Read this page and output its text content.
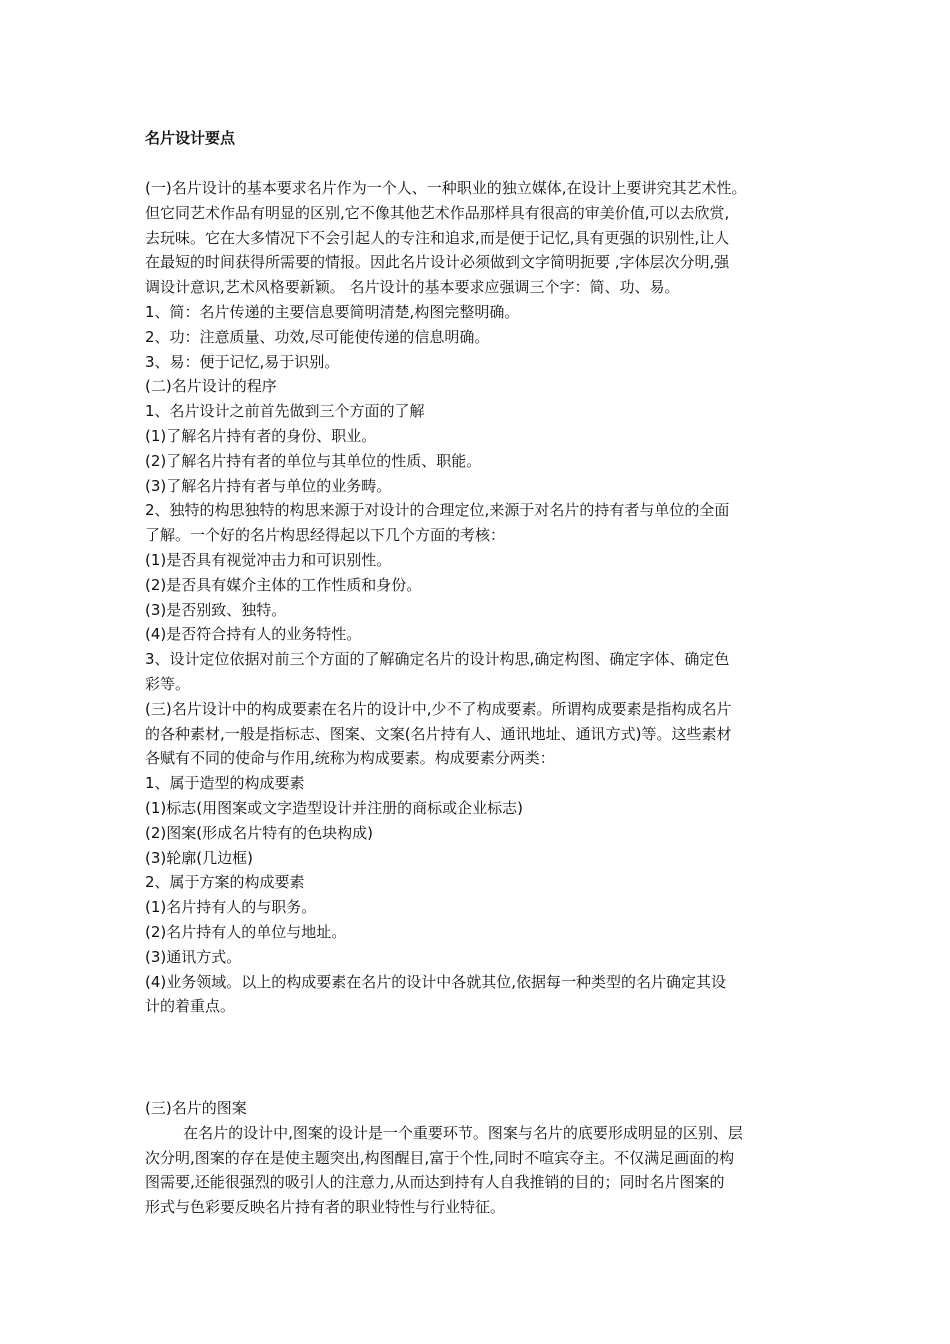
名片设计要点
(一)名片设计的基本要求名片作为一个人、一种职业的独立媒体,在设计上要讲究其艺术性。
但它同艺术作品有明显的区别,它不像其他艺术作品那样具有很高的审美价值,可以去欣赏,
去玩味。它在大多情况下不会引起人的专注和追求,而是便于记忆,具有更强的识别性,让人
在最短的时间获得所需要的情报。因此名片设计必须做到文字简明扼要 ,字体层次分明,强
调设计意识,艺术风格要新颖。 名片设计的基本要求应强调三个字：简、功、易。
1、简：名片传递的主要信息要简明清楚,构图完整明确。
2、功：注意质量、功效,尽可能使传递的信息明确。
3、易：便于记忆,易于识别。
(二)名片设计的程序
1、名片设计之前首先做到三个方面的了解
(1)了解名片持有者的身份、职业。
(2)了解名片持有者的单位与其单位的性质、职能。
(3)了解名片持有者与单位的业务畴。
2、独特的构思独特的构思来源于对设计的合理定位,来源于对名片的持有者与单位的全面
了解。一个好的名片构思经得起以下几个方面的考核：
(1)是否具有视觉冲击力和可识别性。
(2)是否具有媒介主体的工作性质和身份。
(3)是否别致、独特。
(4)是否符合持有人的业务特性。
3、设计定位依据对前三个方面的了解确定名片的设计构思,确定构图、确定字体、确定色
彩等。
(三)名片设计中的构成要素在名片的设计中,少不了构成要素。所谓构成要素是指构成名片
的各种素材,一般是指标志、图案、文案(名片持有人、通讯地址、通讯方式)等。这些素材
各赋有不同的使命与作用,统称为构成要素。构成要素分两类：
1、属于造型的构成要素
(1)标志(用图案或文字造型设计并注册的商标或企业标志)
(2)图案(形成名片特有的色块构成)
(3)轮廓(几边框)
2、属于方案的构成要素
(1)名片持有人的与职务。
(2)名片持有人的单位与地址。
(3)通讯方式。
(4)业务领域。以上的构成要素在名片的设计中各就其位,依据每一种类型的名片确定其设
计的着重点。
(三)名片的图案
在名片的设计中,图案的设计是一个重要环节。图案与名片的底要形成明显的区别、层
次分明,图案的存在是使主题突出,构图醒目,富于个性,同时不喧宾夺主。不仅满足画面的构
图需要,还能很强烈的吸引人的注意力,从而达到持有人自我推销的目的；同时名片图案的
形式与色彩要反映名片持有者的职业特性与行业特征。
